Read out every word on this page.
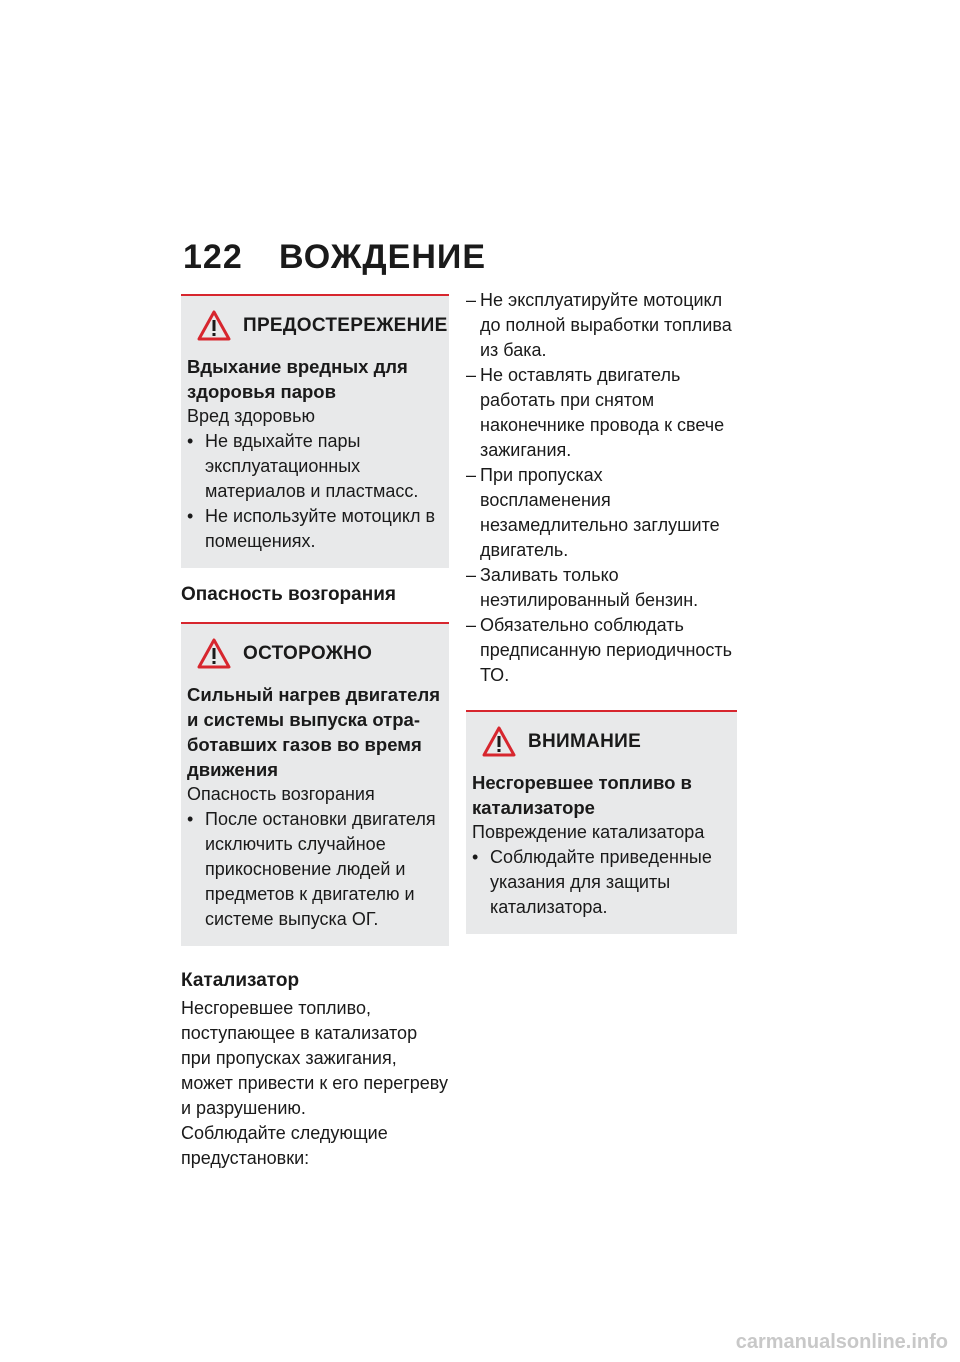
122 ВОЖДЕНИЕ
ПРЕДОСТЕРЕЖЕНИЕ
Вдыхание вредных для
здоровья паров
Вред здоровью
• Не вдыхайте пары эксплуатационных материалов и пластмасс.
• Не используйте мотоцикл в помещениях.
Опасность возгорания
ОСТОРОЖНО
Сильный нагрев двигателя
и системы выпуска отра-
ботавших газов во время
движения
Опасность возгорания
• После остановки двигателя исключить случайное прикосновение людей и предметов к двигателю и системе выпуска ОГ.
Катализатор
Несгоревшее топливо, поступающее в катализатор при пропусках зажигания, может привести к его перегреву и разрушению.
Соблюдайте следующие предустановки:
– Не эксплуатируйте мотоцикл до полной выработки топлива из бака.
– Не оставлять двигатель работать при снятом наконечнике провода к свече зажигания.
– При пропусках воспламенения незамедлительно заглушите двигатель.
– Заливать только неэтилированный бензин.
– Обязательно соблюдать предписанную периодичность ТО.
ВНИМАНИЕ
Несгоревшее топливо в
катализаторе
Повреждение катализатора
• Соблюдайте приведенные указания для защиты катализатора.
carmanualsonline.info
